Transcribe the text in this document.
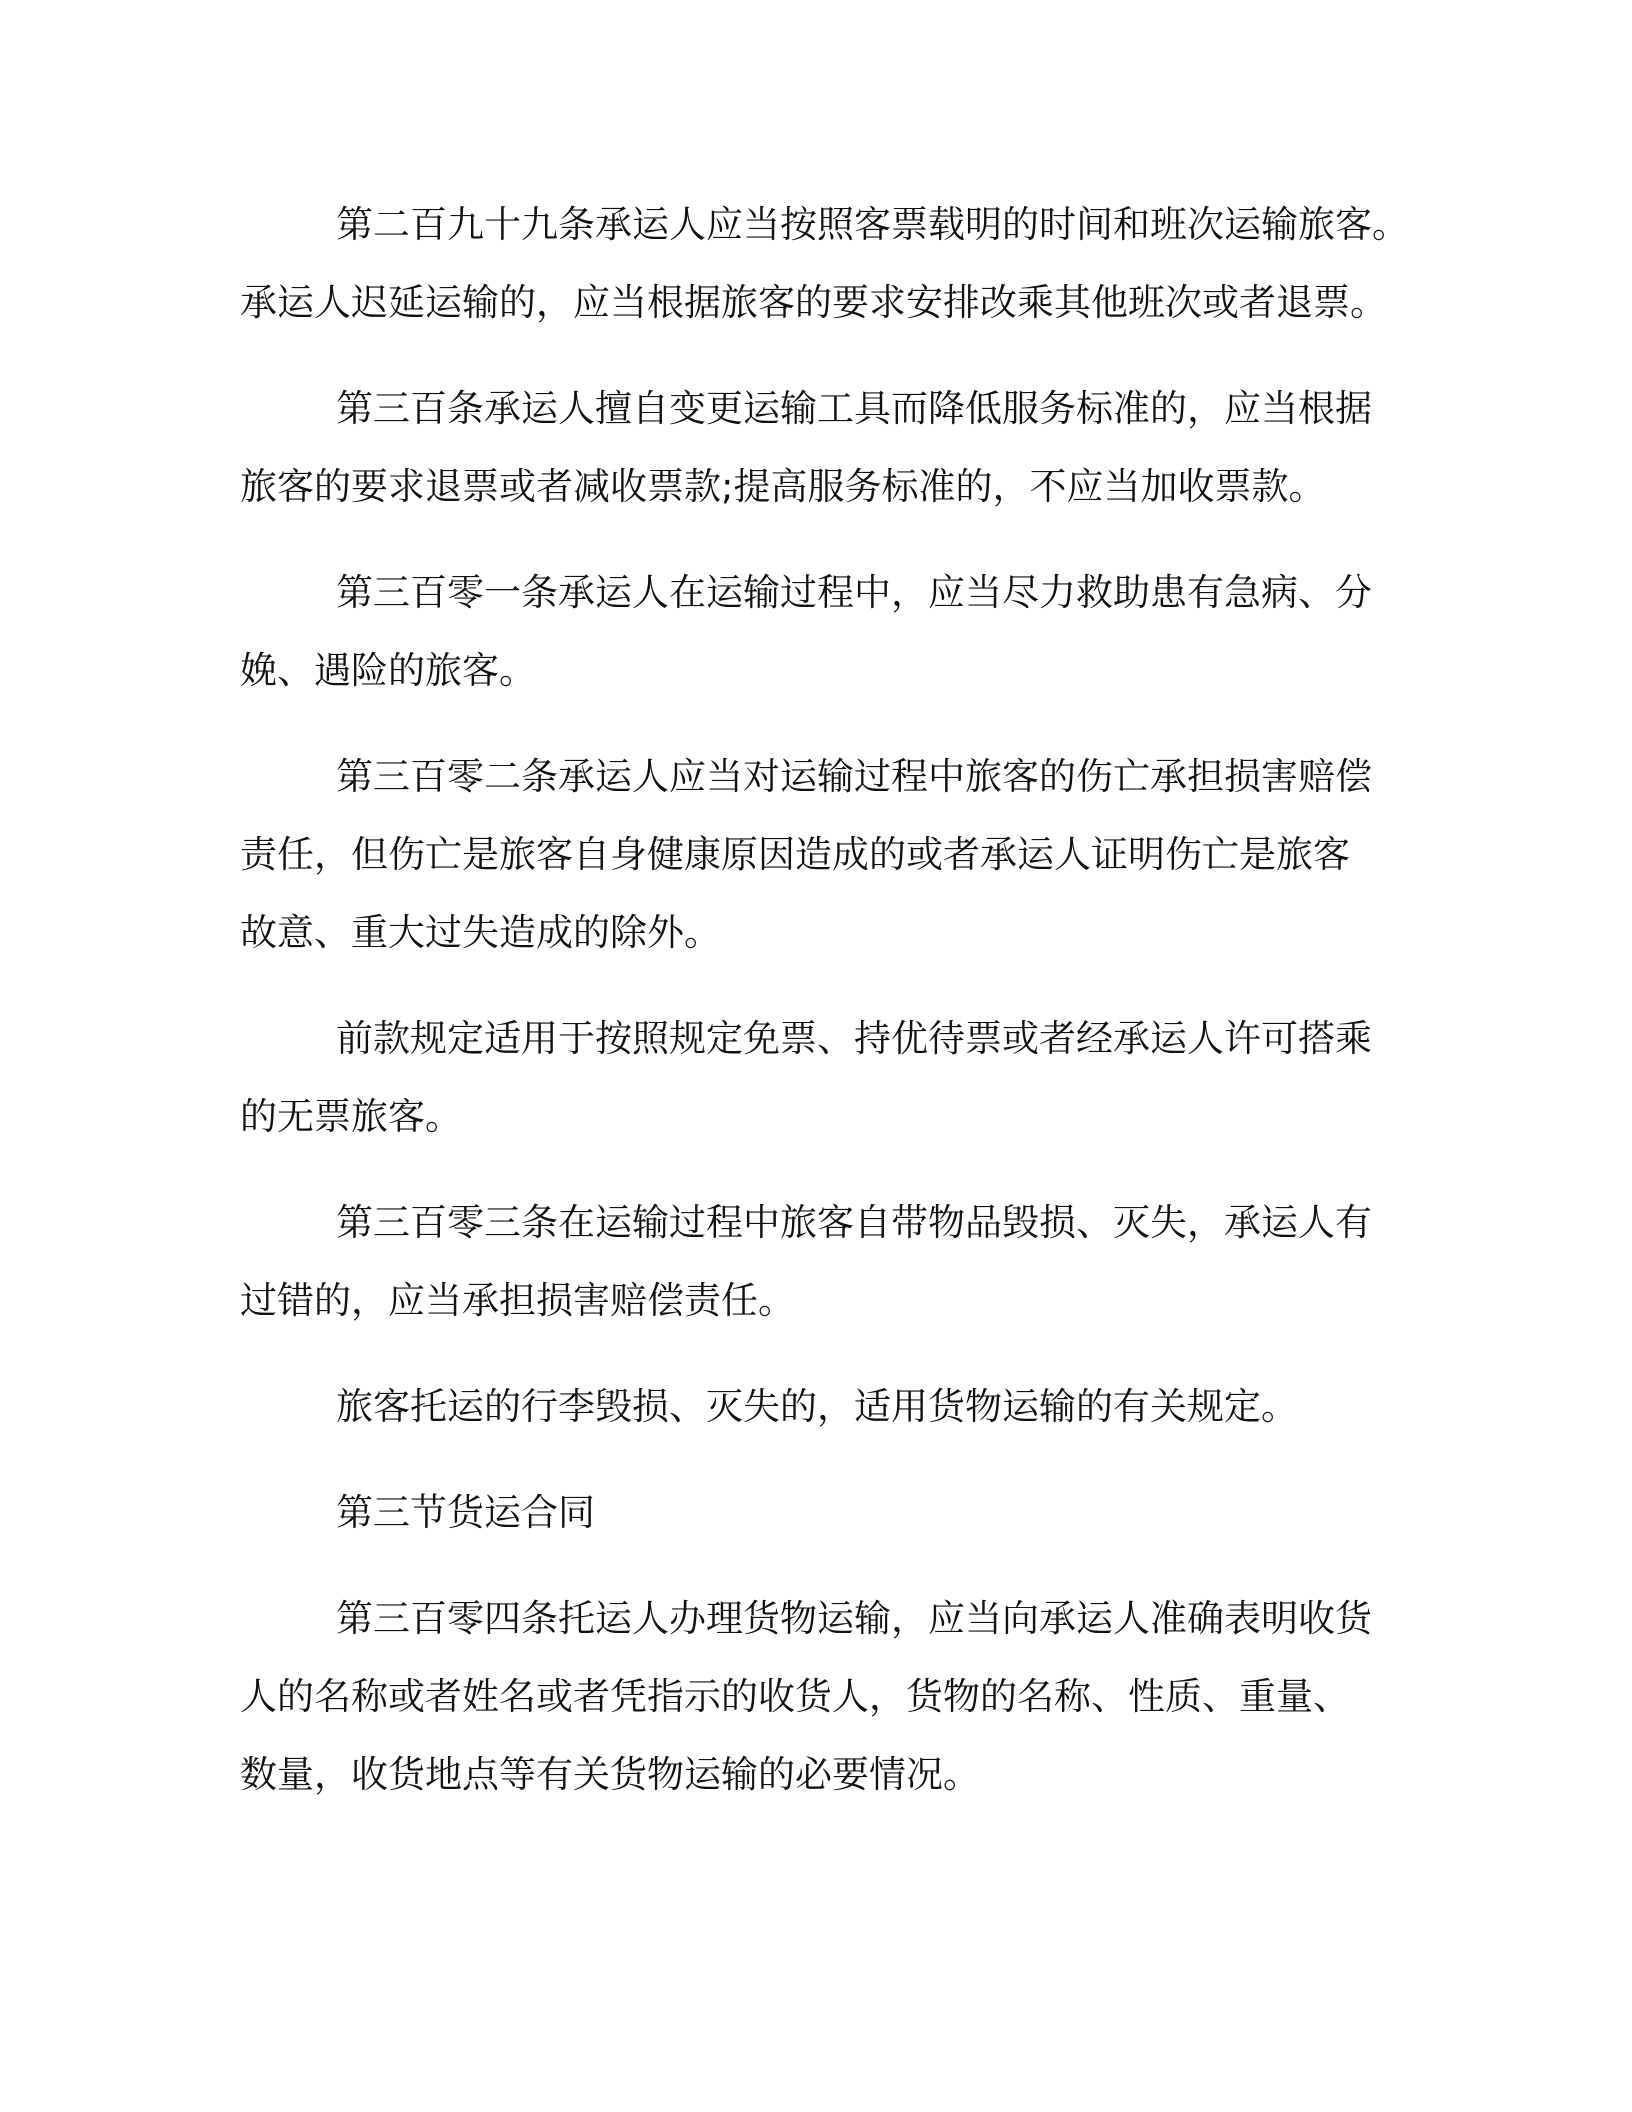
第二百九十九条承运人应当按照客票载明的时间和班次运输旅客。
承运人迟延运输的，应当根据旅客的要求安排改乘其他班次或者退票。
第三百条承运人擅自变更运输工具而降低服务标准的，应当根据
旅客的要求退票或者减收票款;提高服务标准的，不应当加收票款。
第三百零一条承运人在运输过程中，应当尽力救助患有急病、分
娩、遇险的旅客。
第三百零二条承运人应当对运输过程中旅客的伤亡承担损害赔偿
责任，但伤亡是旅客自身健康原因造成的或者承运人证明伤亡是旅客
故意、重大过失造成的除外。
前款规定适用于按照规定免票、持优待票或者经承运人许可搭乘
的无票旅客。
第三百零三条在运输过程中旅客自带物品毁损、灭失，承运人有
过错的，应当承担损害赔偿责任。
旅客托运的行李毁损、灭失的，适用货物运输的有关规定。
第三节货运合同
第三百零四条托运人办理货物运输，应当向承运人准确表明收货
人的名称或者姓名或者凭指示的收货人，货物的名称、性质、重量、
数量，收货地点等有关货物运输的必要情况。
